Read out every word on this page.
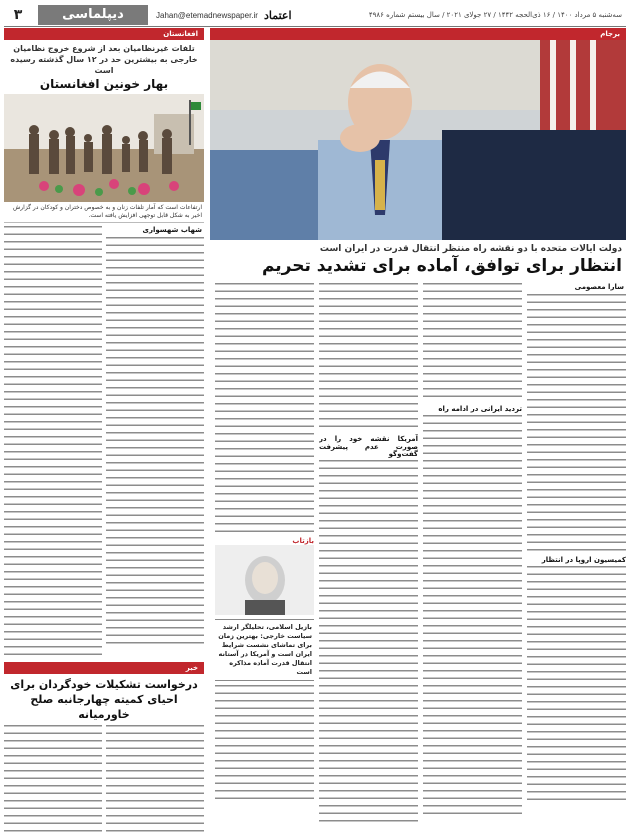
۳	دیپلماسی	Jahan@etemadnewspaper.ir	سه‌شنبه ۵ مرداد ۱۴۰۰ / ۱۶ ذی‌الحجه ۱۴۴۲ / ۲۷ جولای ۲۰۲۱ / سال بیستم شماره ۴۹۸۶
اعتماد
افغانستان
تلفات غیرنظامیان بعد از شروع خروج نظامیان خارجی به بیشترین حد در ۱۲ سال گذشته رسیده است
بهار خونین افغانستان
ارتفاعات است که آمار تلفات زنان و به خصوص دختران و کودکان در گزارش اخیر به شکل قابل توجهی افزایش یافته است.
شهاب شهسواری
خبر
درخواست تشکیلات خودگردان برای احیای کمیته چهارجانبه صلح خاورمیانه
برجام
دولت ایالات متحده با دو نقشه راه منتظر انتقال قدرت در ایران است
انتظار برای توافق، آماده برای تشدید تحریم
سارا معصومی
کمیسیون اروپا در انتظار
تردید ایرانی در ادامه راه
آمریکا نقشه خود را در صورت عدم پیشرفت گفت‌وگو
بازتاب
بازیل اسلامی، تحلیلگر ارشد سیاست خارجی: بهترین زمان برای تماشای نشست شرایط ایران است و آمریکا در آستانه انتقال قدرت آماده مذاکره است
